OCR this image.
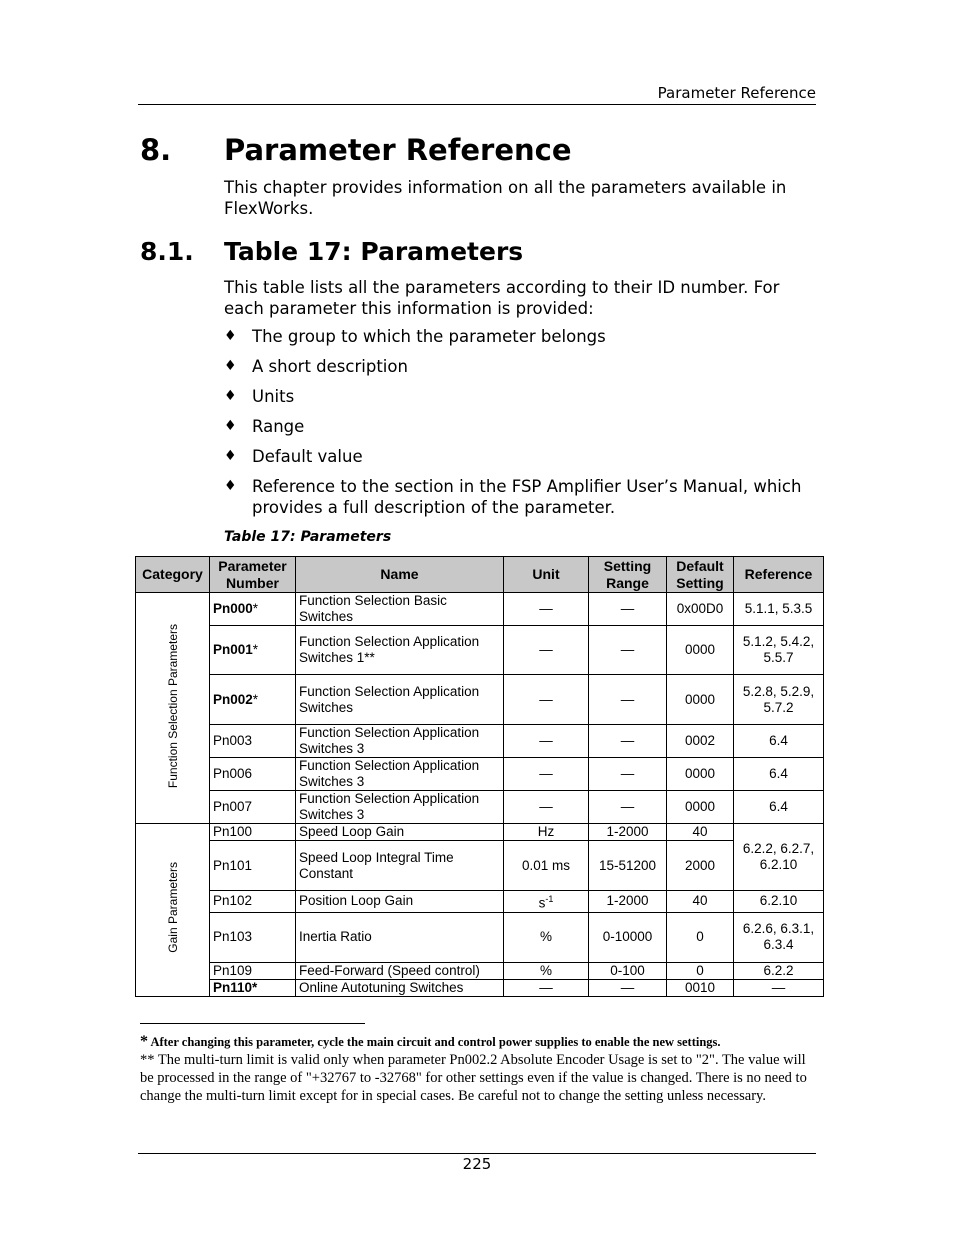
Parameter Reference
8. Parameter Reference
This chapter provides information on all the parameters available in FlexWorks.
8.1. Table 17: Parameters
This table lists all the parameters according to their ID number. For each parameter this information is provided:
♦ The group to which the parameter belongs
♦ A short description
♦ Units
♦ Range
♦ Default value
♦ Reference to the section in the FSP Amplifier User’s Manual, which provides a full description of the parameter.
Table 17: Parameters
Category	Parameter Number	Name	Unit	Setting Range	Default Setting	Reference
Function Selection Parameters	Pn000*	Function Selection Basic Switches	—	—	0x00D0	5.1.1, 5.3.5
	Pn001*	Function Selection Application Switches 1**	—	—	0000	5.1.2, 5.4.2, 5.5.7
	Pn002*	Function Selection Application Switches	—	—	0000	5.2.8, 5.2.9, 5.7.2
	Pn003	Function Selection Application Switches 3	—	—	0002	6.4
	Pn006	Function Selection Application Switches 3	—	—	0000	6.4
	Pn007	Function Selection Application Switches 3	—	—	0000	6.4
Gain Parameters	Pn100	Speed Loop Gain	Hz	1-2000	40	6.2.2, 6.2.7, 6.2.10
	Pn101	Speed Loop Integral Time Constant	0.01 ms	15-51200	2000	
	Pn102	Position Loop Gain	$s^{-1}$	1-2000	40	6.2.10
	Pn103	Inertia Ratio	%	0-10000	0	6.2.6, 6.3.1, 6.3.4
	Pn109	Feed-Forward (Speed control)	%	0-100	0	6.2.2
	Pn110*	Online Autotuning Switches	—	—	0010	—
* After changing this parameter, cycle the main circuit and control power supplies to enable the new settings.
** The multi-turn limit is valid only when parameter Pn002.2 Absolute Encoder Usage is set to "2". The value will be processed in the range of "+32767 to -32768" for other settings even if the value is changed. There is no need to change the multi-turn limit except for in special cases. Be careful not to change the setting unless necessary.
225
